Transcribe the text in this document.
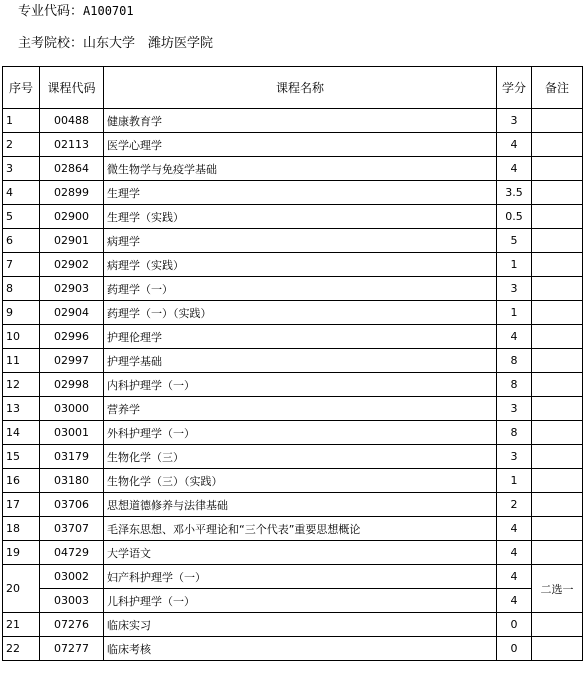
专业代码：A100701
主考院校：山东大学　潍坊医学院
序号	课程代码	课程名称	学分	备注
1	00488	健康教育学	3	
2	02113	医学心理学	4	
3	02864	微生物学与免疫学基础	4	
4	02899	生理学	3.5	
5	02900	生理学（实践）	0.5	
6	02901	病理学	5	
7	02902	病理学（实践）	1	
8	02903	药理学（一）	3	
9	02904	药理学（一）（实践）	1	
10	02996	护理伦理学	4	
11	02997	护理学基础	8	
12	02998	内科护理学（一）	8	
13	03000	营养学	3	
14	03001	外科护理学（一）	8	
15	03179	生物化学（三）	3	
16	03180	生物化学（三）（实践）	1	
17	03706	思想道德修养与法律基础	2	
18	03707	毛泽东思想、邓小平理论和“三个代表”重要思想概论	4	
19	04729	大学语文	4	
20	03002	妇产科护理学（一）	4	二选一
	03003	儿科护理学（一）	4	
21	07276	临床实习	0	
22	07277	临床考核	0	
